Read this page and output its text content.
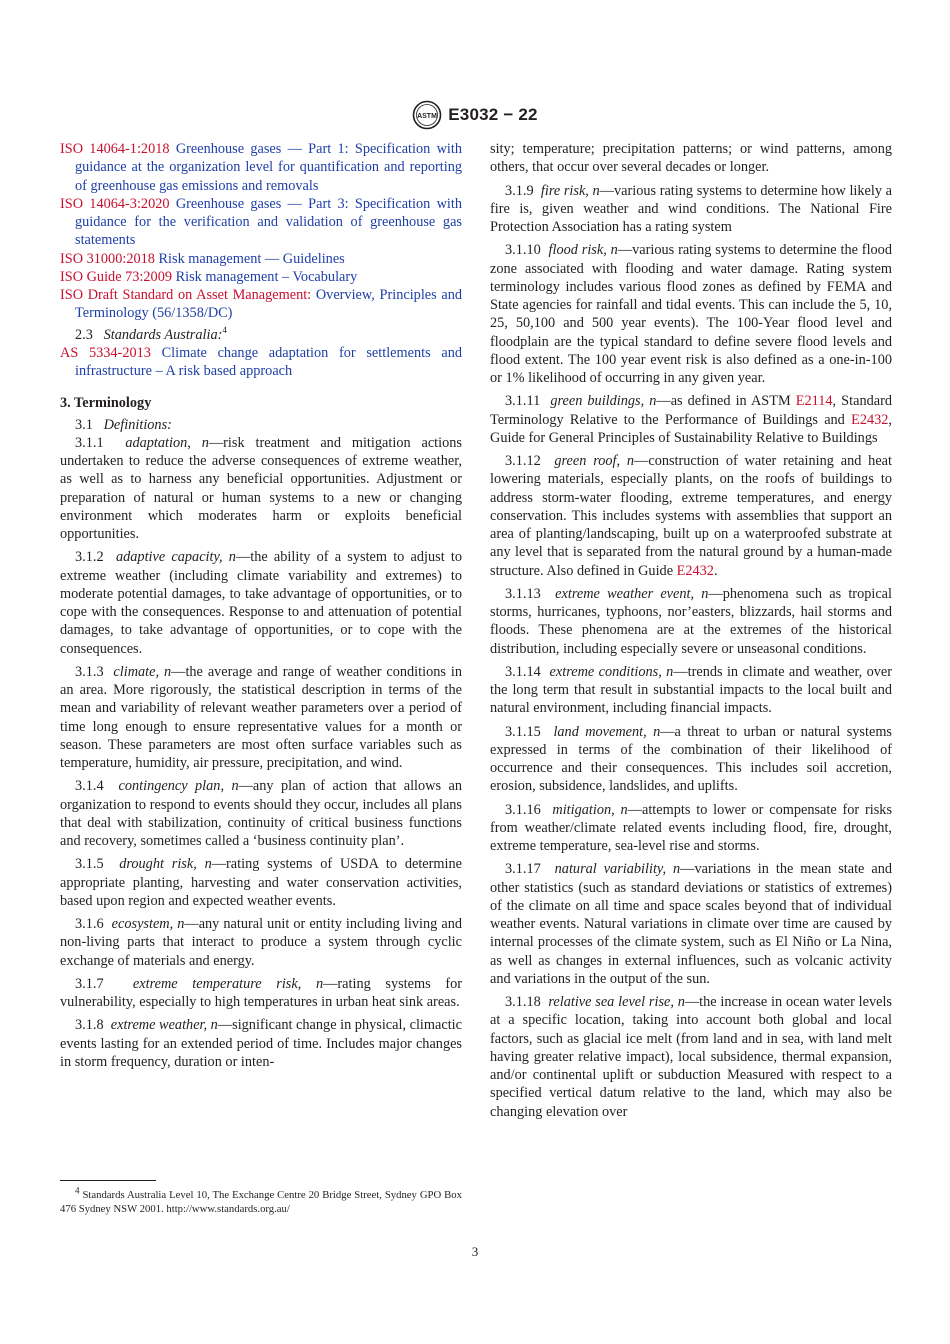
ASTM E3032 − 22

ISO 14064-1:2018 Greenhouse gases — Part 1: Specification with guidance at the organization level for quantification and reporting of greenhouse gas emissions and removals

ISO 14064-3:2020 Greenhouse gases — Part 3: Specification with guidance for the verification and validation of greenhouse gas statements

ISO 31000:2018 Risk management — Guidelines

ISO Guide 73:2009 Risk management – Vocabulary

ISO Draft Standard on Asset Management: Overview, Principles and Terminology (56/1358/DC)

2.3 Standards Australia:$^4$

AS 5334-2013 Climate change adaptation for settlements and infrastructure – A risk based approach

3. Terminology

3.1 Definitions:

3.1.1 adaptation, n—risk treatment and mitigation actions undertaken to reduce the adverse consequences of extreme weather, as well as to harness any beneficial opportunities. Adjustment or preparation of natural or human systems to a new or changing environment which moderates harm or exploits beneficial opportunities.

3.1.2 adaptive capacity, n—the ability of a system to adjust to extreme weather (including climate variability and extremes) to moderate potential damages, to take advantage of opportunities, or to cope with the consequences. Response to and attenuation of potential damages, to take advantage of opportunities, or to cope with the consequences.

3.1.3 climate, n—the average and range of weather conditions in an area. More rigorously, the statistical description in terms of the mean and variability of relevant weather parameters over a period of time long enough to ensure representative values for a month or season. These parameters are most often surface variables such as temperature, humidity, air pressure, precipitation, and wind.

3.1.4 contingency plan, n—any plan of action that allows an organization to respond to events should they occur, includes all plans that deal with stabilization, continuity of critical business functions and recovery, sometimes called a ‘business continuity plan’.

3.1.5 drought risk, n—rating systems of USDA to determine appropriate planting, harvesting and water conservation activities, based upon region and expected weather events.

3.1.6 ecosystem, n—any natural unit or entity including living and non-living parts that interact to produce a system through cyclic exchange of materials and energy.

3.1.7 extreme temperature risk, n—rating systems for vulnerability, especially to high temperatures in urban heat sink areas.

3.1.8 extreme weather, n—significant change in physical, climactic events lasting for an extended period of time. Includes major changes in storm frequency, duration or inten-

$^4$ Standards Australia Level 10, The Exchange Centre 20 Bridge Street, Sydney GPO Box 476 Sydney NSW 2001. http://www.standards.org.au/

sity; temperature; precipitation patterns; or wind patterns, among others, that occur over several decades or longer.

3.1.9 fire risk, n—various rating systems to determine how likely a fire is, given weather and wind conditions. The National Fire Protection Association has a rating system

3.1.10 flood risk, n—various rating systems to determine the flood zone associated with flooding and water damage. Rating system terminology includes various flood zones as defined by FEMA and State agencies for rainfall and tidal events. This can include the 5, 10, 25, 50,100 and 500 year events). The 100-Year flood level and floodplain are the typical standard to define severe flood levels and flood extent. The 100 year event risk is also defined as a one-in-100 or 1% likelihood of occurring in any given year.

3.1.11 green buildings, n—as defined in ASTM E2114, Standard Terminology Relative to the Performance of Buildings and E2432, Guide for General Principles of Sustainability Relative to Buildings

3.1.12 green roof, n—construction of water retaining and heat lowering materials, especially plants, on the roofs of buildings to address storm-water flooding, extreme temperatures, and energy conservation. This includes systems with assemblies that support an area of planting/landscaping, built up on a waterproofed substrate at any level that is separated from the natural ground by a human-made structure. Also defined in Guide E2432.

3.1.13 extreme weather event, n—phenomena such as tropical storms, hurricanes, typhoons, nor’easters, blizzards, hail storms and floods. These phenomena are at the extremes of the historical distribution, including especially severe or unseasonal conditions.

3.1.14 extreme conditions, n—trends in climate and weather, over the long term that result in substantial impacts to the local built and natural environment, including financial impacts.

3.1.15 land movement, n—a threat to urban or natural systems expressed in terms of the combination of their likelihood of occurrence and their consequences. This includes soil accretion, erosion, subsidence, landslides, and uplifts.

3.1.16 mitigation, n—attempts to lower or compensate for risks from weather/climate related events including flood, fire, drought, extreme temperature, sea-level rise and storms.

3.1.17 natural variability, n—variations in the mean state and other statistics (such as standard deviations or statistics of extremes) of the climate on all time and space scales beyond that of individual weather events. Natural variations in climate over time are caused by internal processes of the climate system, such as El Niño or La Nina, as well as changes in external influences, such as volcanic activity and variations in the output of the sun.

3.1.18 relative sea level rise, n—the increase in ocean water levels at a specific location, taking into account both global and local factors, such as glacial ice melt (from land and in sea, with land melt having greater relative impact), local subsidence, thermal expansion, and/or continental uplift or subduction Measured with respect to a specified vertical datum relative to the land, which may also be changing elevation over

3
